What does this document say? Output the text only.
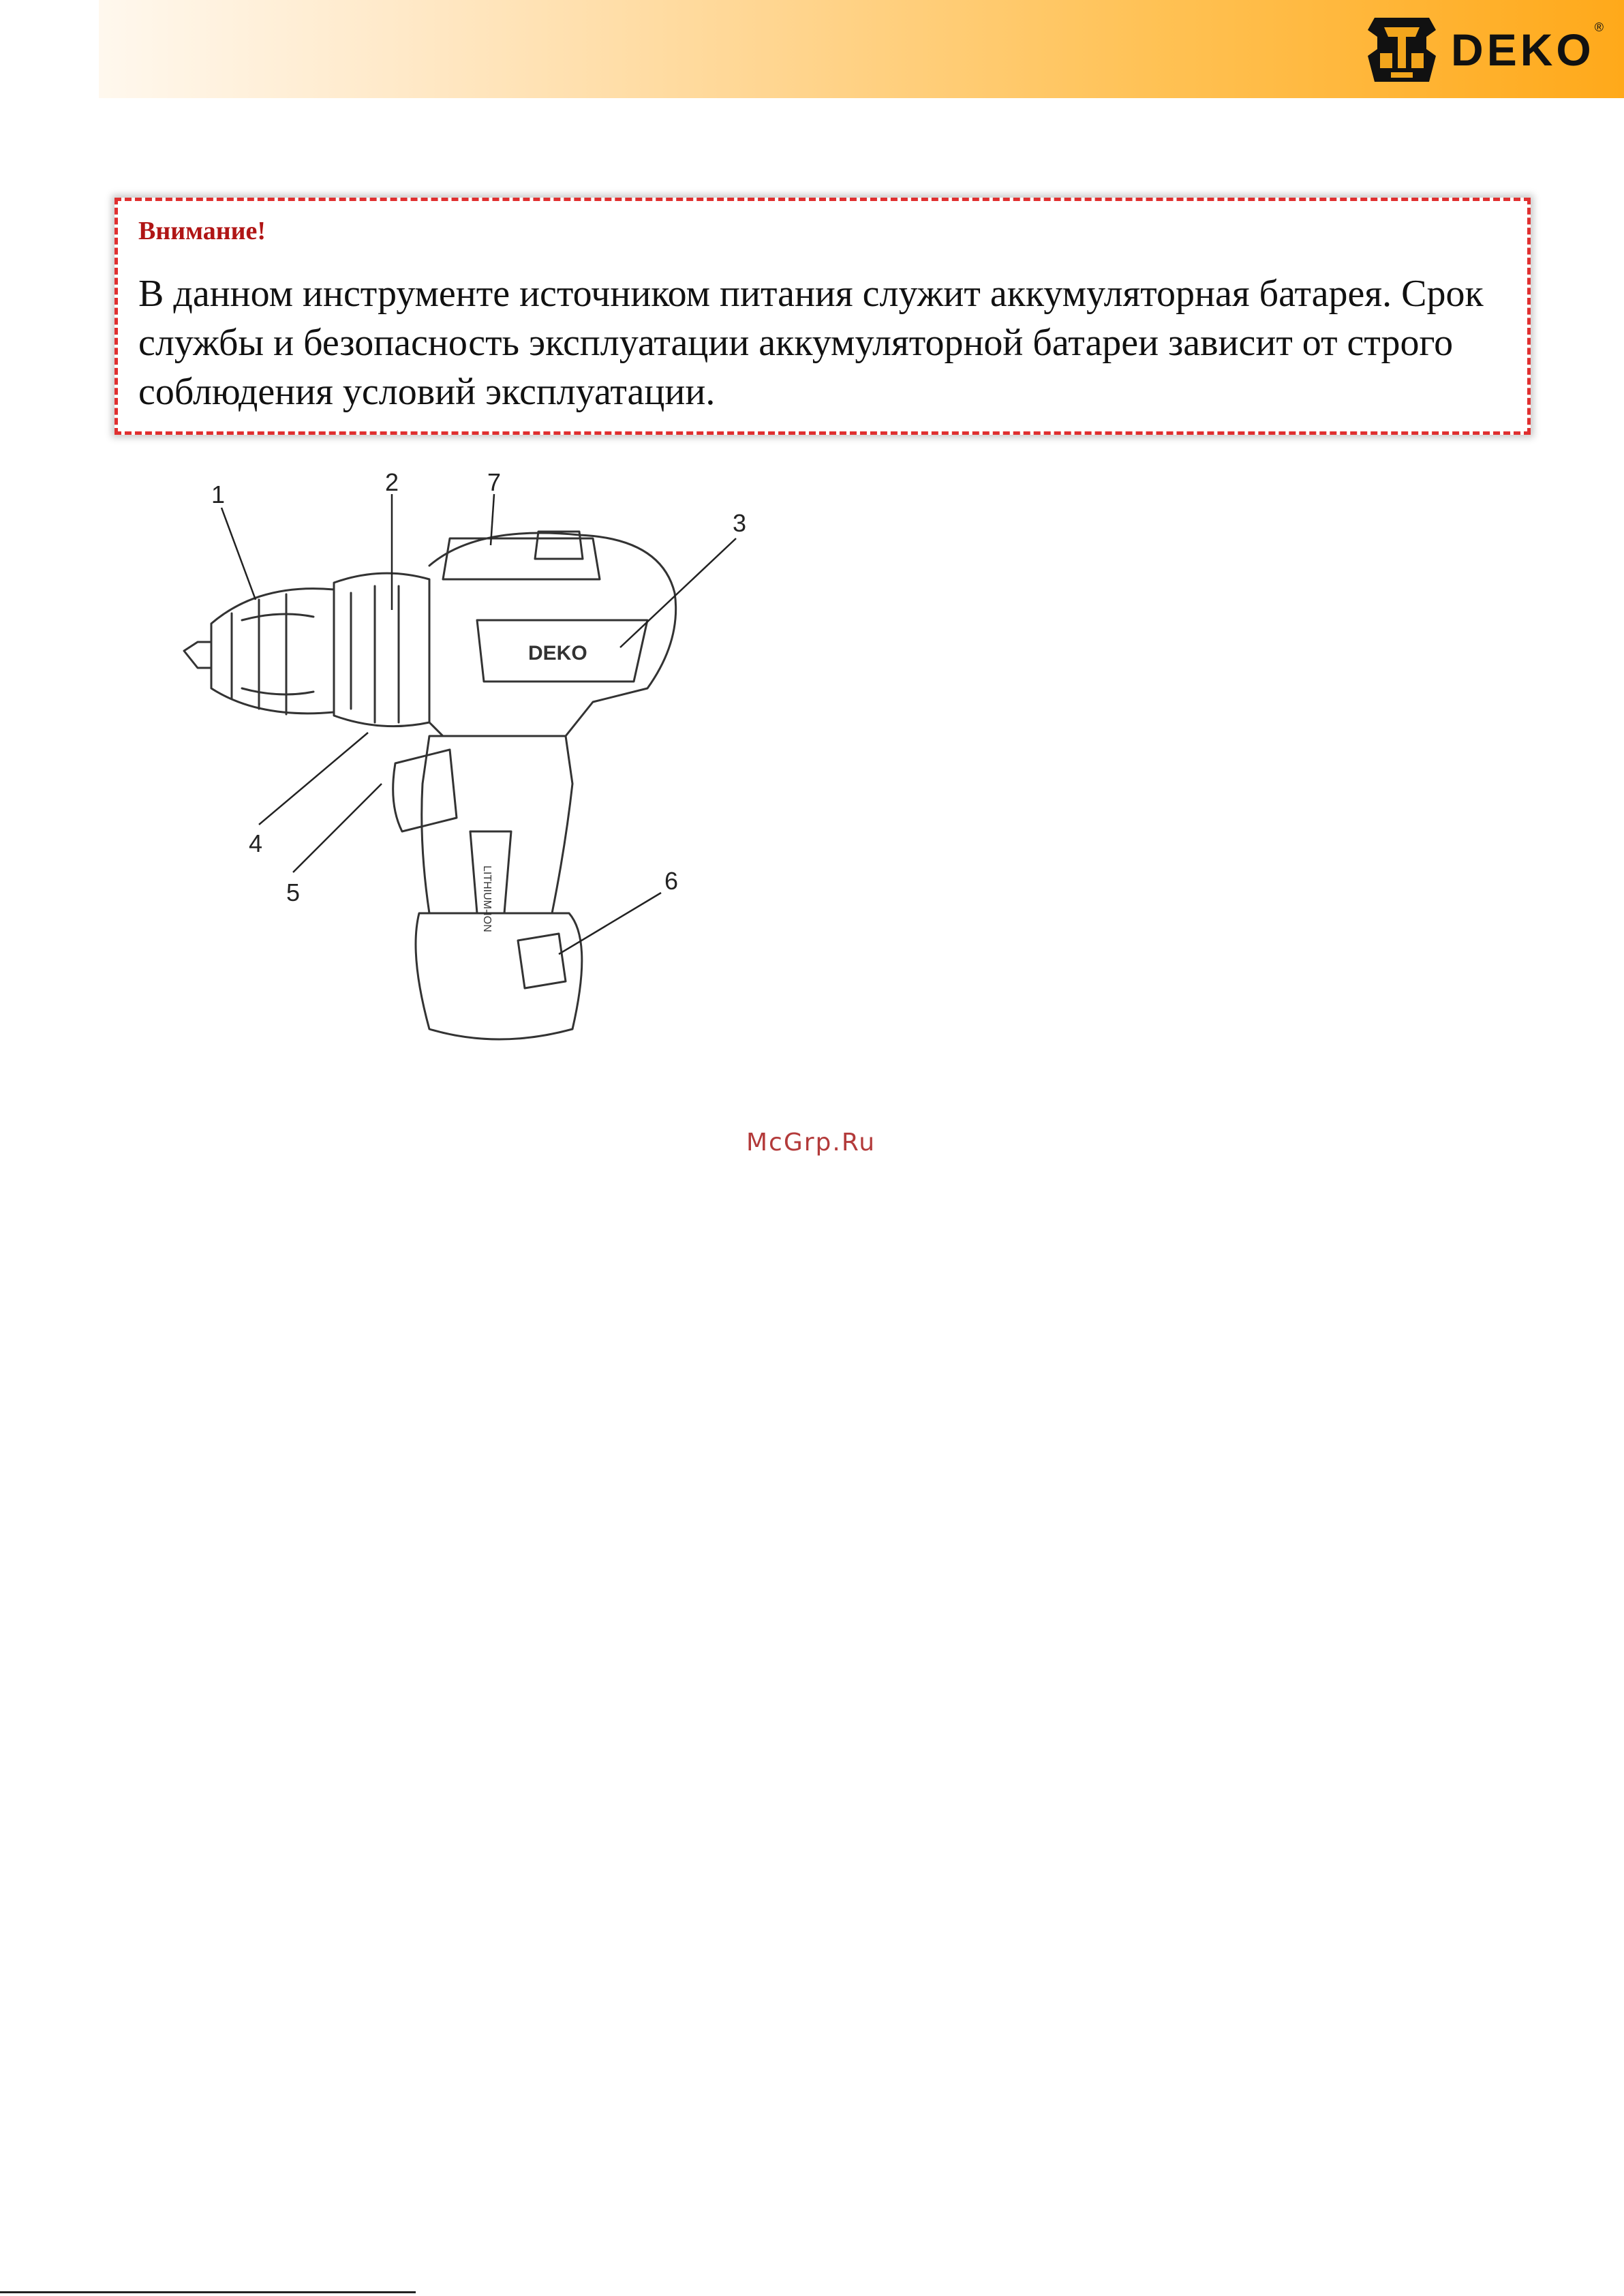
DEKO ®
Внимание!
В данном инструменте источником питания служит аккумуляторная батарея. Срок службы и безопасность эксплуатации аккумуляторной батареи зависит от строго соблюдения условий эксплуатации.
DEKO
LITHIUM-ION
1	2	7
3
4
5	6
McGrp.Ru
